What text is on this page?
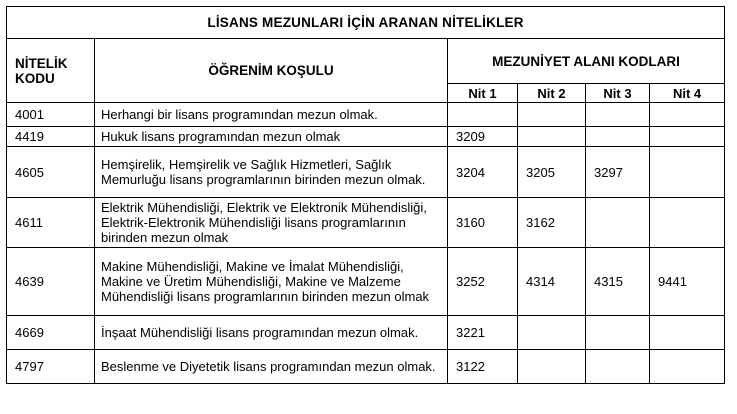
LİSANS MEZUNLARI İÇİN ARANAN NİTELİKLER					
NİTELİK
KODU	ÖĞRENİM KOŞULU	MEZUNİYET ALANI KODLARI			
		Nit 1	Nit 2	Nit 3	Nit 4
4001	Herhangi bir lisans programından mezun olmak.				
4419	Hukuk lisans programından mezun olmak	3209			
4605	Hemşirelik, Hemşirelik ve Sağlık Hizmetleri, Sağlık Memurluğu lisans programlarının birinden mezun olmak.	3204	3205	3297	
4611	Elektrik Mühendisliği, Elektrik ve Elektronik Mühendisliği, Elektrik-Elektronik Mühendisliği lisans programlarının birinden mezun olmak	3160	3162		
4639	Makine Mühendisliği, Makine ve İmalat Mühendisliği, Makine ve Üretim Mühendisliği, Makine ve Malzeme Mühendisliği lisans programlarının birinden mezun olmak	3252	4314	4315	9441
4669	İnşaat Mühendisliği lisans programından mezun olmak.	3221			
4797	Beslenme ve Diyetetik lisans programından mezun olmak.	3122			
